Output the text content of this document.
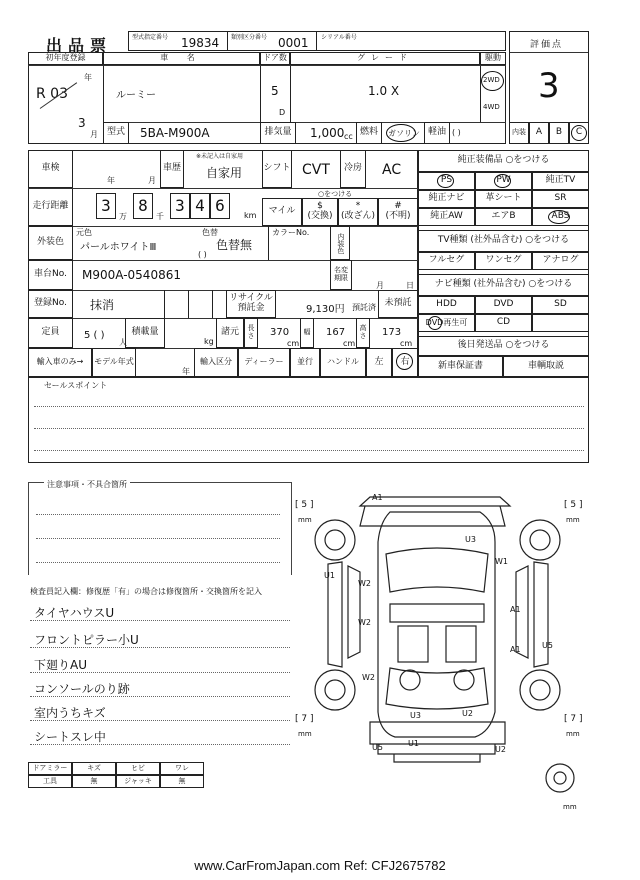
出品票	型式指定番号 19834 類別区分番号 0001 シリアル番号
評価点
3
初年度登録
R 03
年
3
月
車 名
ルーミー
ドア数
5
D
グレード
1.0 X
駆動
2WD
4WD
型式	5BA-M900A	排気量	1,000 cc 燃料	ガソリン 軽油 ( )	内装	A	B	C
車検
年	月
車歴
※未記入は自家用
自家用 シフト CVT	冷房 AC
走行距離	3
万
8
千
3 4 6
km
○をつける
マイル	$
(交換)
*
(改ざん)
#
(不明)
外装色
元色
パールホワイトⅢ
色替
色替無
( )
カラーNo.	内装色
車台No.	M900A-0540861	名変期限
月	日
登録No.	抹消	リサイクル預託金	9,130円 預託済 未預託
定員	5 ( )
人
積載量
kg
諸元	長さ	370
cm
幅	167
cm
高さ	173
cm
輸入車のみ→	モデル年式
年
輸入区分	ディーラー	並行	ハンドル	左	右
純正装備品 ○をつける
PS	PW	純正TV
純正ナビ	革シート	SR
純正AW	エアB	ABS
TV種類 (社外品含む) ○をつける
フルセグ	ワンセグ	アナログ
ナビ種類 (社外品含む) ○をつける
HDD	DVD	SD
DVD再生可	CD
後日発送品 ○をつける
新車保証書	車輌取説
セールスポイント
注意事項・不具合箇所
検査員記入欄：修復歴「有」の場合は修復箇所・交換箇所を記入
タイヤハウスU
フロントピラー小U
下廻りAU
コンソールのり跡
室内うちキズ
シートスレ中
ドアミラー	キズ	ヒビ	ワレ
工具	無	ジャッキ	無
A1
U3
W1
U1
W2
A1
W2
A1	U5
W2
U3	U2
U5	U1
U2
[ 5 ]
mm
[ 5 ]
mm
[ 7 ]
mm
[ 7 ]
mm
mm
www.CarFromJapan.com Ref: CFJ2675782
